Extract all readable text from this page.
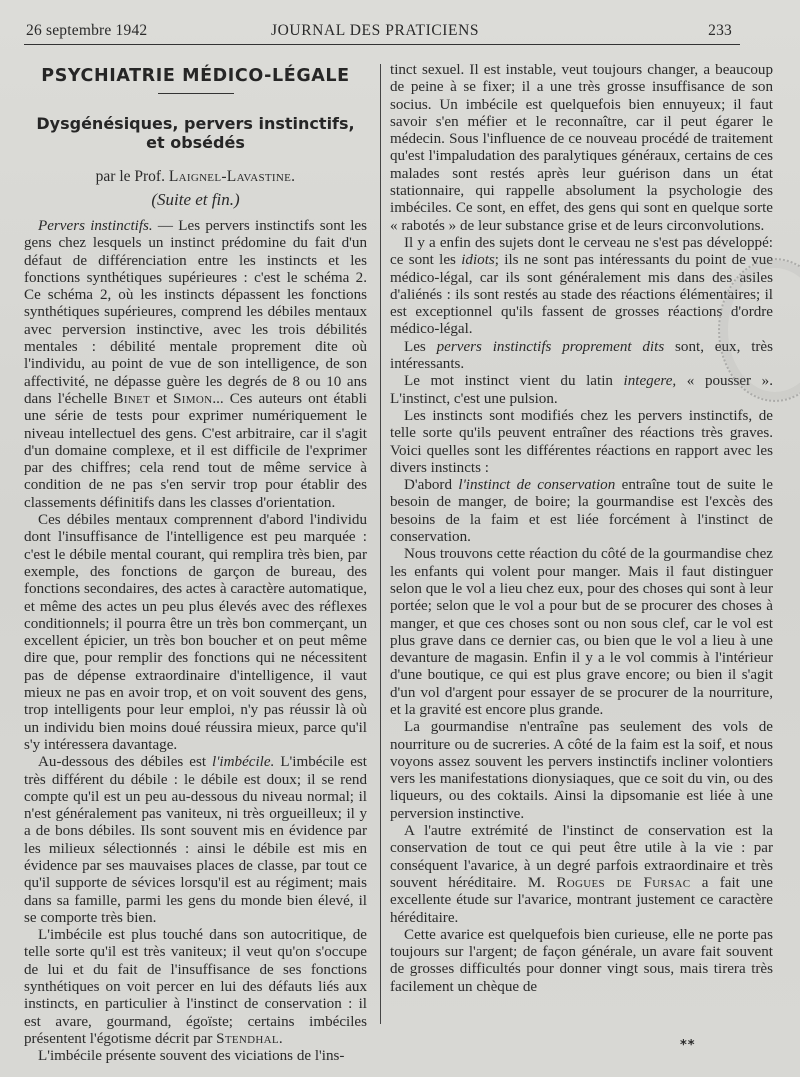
26 septembre 1942	JOURNAL DES PRATICIENS	233
PSYCHIATRIE MÉDICO-LÉGALE
Dysgénésiques, pervers instinctifs,
et obsédés
par le Prof. Laignel-Lavastine.
(Suite et fin.)

Pervers instinctifs. — Les pervers instinctifs sont les gens chez lesquels un instinct prédomine du fait d'un défaut de différenciation entre les instincts et les fonctions synthétiques supérieures : c'est le schéma 2. Ce schéma 2, où les instincts dépassent les fonctions synthétiques supérieures, comprend les débiles mentaux avec perversion instinctive, avec les trois débilités mentales : débilité mentale proprement dite où l'individu, au point de vue de son intelligence, de son affectivité, ne dépasse guère les degrés de 8 ou 10 ans dans l'échelle Binet et Simon... Ces auteurs ont établi une série de tests pour exprimer numériquement le niveau intellectuel des gens. C'est arbitraire, car il s'agit d'un domaine complexe, et il est difficile de l'exprimer par des chiffres; cela rend tout de même service à condition de ne pas s'en servir trop pour établir des classements définitifs dans les classes d'orientation.

Ces débiles mentaux comprennent d'abord l'individu dont l'insuffisance de l'intelligence est peu marquée : c'est le débile mental courant, qui remplira très bien, par exemple, des fonctions de garçon de bureau, des fonctions secondaires, des actes à caractère automatique, et même des actes un peu plus élevés avec des réflexes conditionnels; il pourra être un très bon commerçant, un excellent épicier, un très bon boucher et on peut même dire que, pour remplir des fonctions qui ne nécessitent pas de dépense extraordinaire d'intelligence, il vaut mieux ne pas en avoir trop, et on voit souvent des gens, trop intelligents pour leur emploi, n'y pas réussir là où un individu bien moins doué réussira mieux, parce qu'il s'y intéressera davantage.

Au-dessous des débiles est l'imbécile. L'imbécile est très différent du débile : le débile est doux; il se rend compte qu'il est un peu au-dessous du niveau normal; il n'est généralement pas vaniteux, ni très orgueilleux; il y a de bons débiles. Ils sont souvent mis en évidence par les milieux sélectionnés : ainsi le débile est mis en évidence par ses mauvaises places de classe, par tout ce qu'il supporte de sévices lorsqu'il est au régiment; mais dans sa famille, parmi les gens du monde bien élevé, il se comporte très bien.

L'imbécile est plus touché dans son autocritique, de telle sorte qu'il est très vaniteux; il veut qu'on s'occupe de lui et du fait de l'insuffisance de ses fonctions synthétiques on voit percer en lui des défauts liés aux instincts, en particulier à l'instinct de conservation : il est avare, gourmand, égoïste; certains imbéciles présentent l'égotisme décrit par Stendhal.

L'imbécile présente souvent des viciations de l'ins-

tinct sexuel. Il est instable, veut toujours changer, a beaucoup de peine à se fixer; il a une très grosse insuffisance de son socius. Un imbécile est quelquefois bien ennuyeux; il faut savoir s'en méfier et le reconnaître, car il peut égarer le médecin. Sous l'influence de ce nouveau procédé de traitement qu'est l'impaludation des paralytiques généraux, certains de ces malades sont restés après leur guérison dans un état stationnaire, qui rappelle absolument la psychologie des imbéciles. Ce sont, en effet, des gens qui sont en quelque sorte « rabotés » de leur substance grise et de leurs circonvolutions.

Il y a enfin des sujets dont le cerveau ne s'est pas développé: ce sont les idiots; ils ne sont pas intéressants du point de vue médico-légal, car ils sont généralement mis dans des asiles d'aliénés : ils sont restés au stade des réactions élémentaires; il est exceptionnel qu'ils fassent de grosses réactions d'ordre médico-légal.

Les pervers instinctifs proprement dits sont, eux, très intéressants.

Le mot instinct vient du latin integere, « pousser ». L'instinct, c'est une pulsion.

Les instincts sont modifiés chez les pervers instinctifs, de telle sorte qu'ils peuvent entraîner des réactions très graves. Voici quelles sont les différentes réactions en rapport avec les divers instincts :

D'abord l'instinct de conservation entraîne tout de suite le besoin de manger, de boire; la gourmandise est l'excès des besoins de la faim et est liée forcément à l'instinct de conservation.

Nous trouvons cette réaction du côté de la gourmandise chez les enfants qui volent pour manger. Mais il faut distinguer selon que le vol a lieu chez eux, pour des choses qui sont à leur portée; selon que le vol a pour but de se procurer des choses à manger, et que ces choses sont ou non sous clef, car le vol est plus grave dans ce dernier cas, ou bien que le vol a lieu à une devanture de magasin. Enfin il y a le vol commis à l'intérieur d'une boutique, ce qui est plus grave encore; ou bien il s'agit d'un vol d'argent pour essayer de se procurer de la nourriture, et la gravité est encore plus grande.

La gourmandise n'entraîne pas seulement des vols de nourriture ou de sucreries. A côté de la faim est la soif, et nous voyons assez souvent les pervers instinctifs incliner volontiers vers les manifestations dionysiaques, que ce soit du vin, ou des liqueurs, ou des coktails. Ainsi la dipsomanie est liée à une perversion instinctive.

A l'autre extrémité de l'instinct de conservation est la conservation de tout ce qui peut être utile à la vie : par conséquent l'avarice, à un degré parfois extraordinaire et très souvent héréditaire. M. Rogues de Fursac a fait une excellente étude sur l'avarice, montrant justement ce caractère héréditaire.

Cette avarice est quelquefois bien curieuse, elle ne porte pas toujours sur l'argent; de façon générale, un avare fait souvent de grosses difficultés pour donner vingt sous, mais tirera très facilement un chèque de

**
